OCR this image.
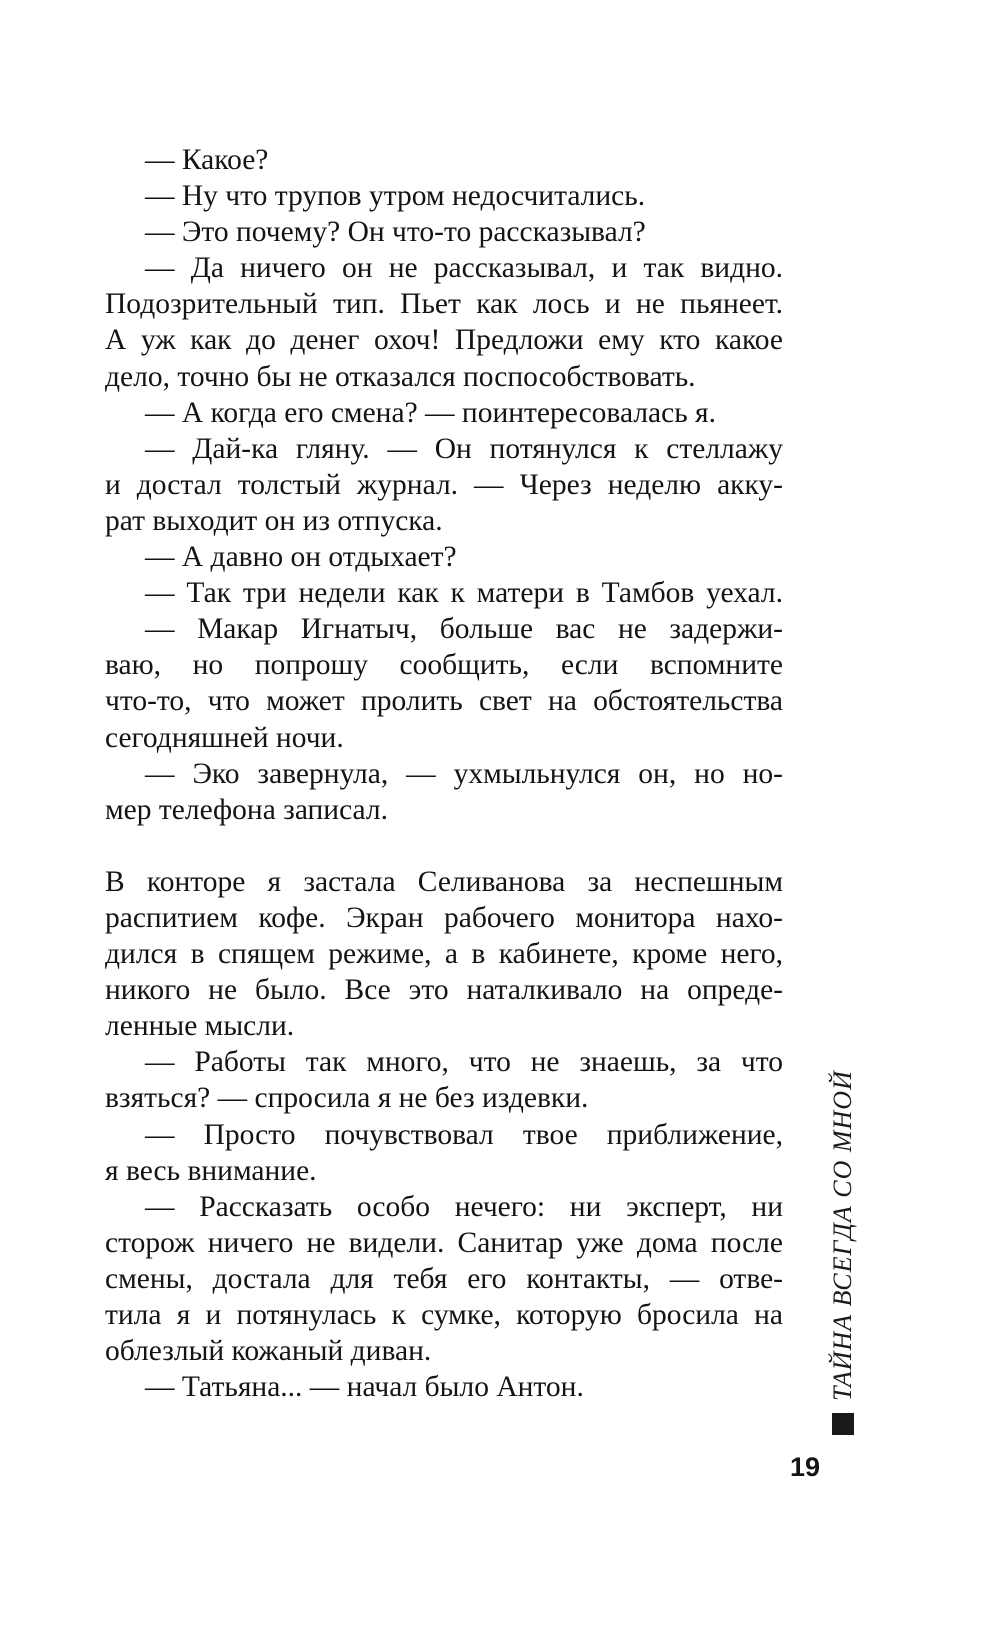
— Какое?
— Ну что трупов утром недосчитались.
— Это почему? Он что-то рассказывал?
— Да ничего он не рассказывал, и так видно.
Подозрительный тип. Пьет как лось и не пьянеет.
А уж как до денег охоч! Предложи ему кто какое
дело, точно бы не отказался поспособствовать.
— А когда его смена? — поинтересовалась я.
— Дай-ка гляну. — Он потянулся к стеллажу
и достал толстый журнал. — Через неделю акку-
рат выходит он из отпуска.
— А давно он отдыхает?
— Так три недели как к матери в Тамбов уехал.
— Макар Игнатыч, больше вас не задержи-
ваю, но попрошу сообщить, если вспомните
что-то, что может пролить свет на обстоятельства
сегодняшней ночи.
— Эко завернула, — ухмыльнулся он, но но-
мер телефона записал.
В конторе я застала Селиванова за неспешным
распитием кофе. Экран рабочего монитора нахо-
дился в спящем режиме, а в кабинете, кроме него,
никого не было. Все это наталкивало на опреде-
ленные мысли.
— Работы так много, что не знаешь, за что
взяться? — спросила я не без издевки.
— Просто почувствовал твое приближение,
я весь внимание.
— Рассказать особо нечего: ни эксперт, ни
сторож ничего не видели. Санитар уже дома после
смены, достала для тебя его контакты, — отве-
тила я и потянулась к сумке, которую бросила на
облезлый кожаный диван.
— Татьяна... — начал было Антон.	ТАЙНА ВСЕГДА СО МНОЙ
19
